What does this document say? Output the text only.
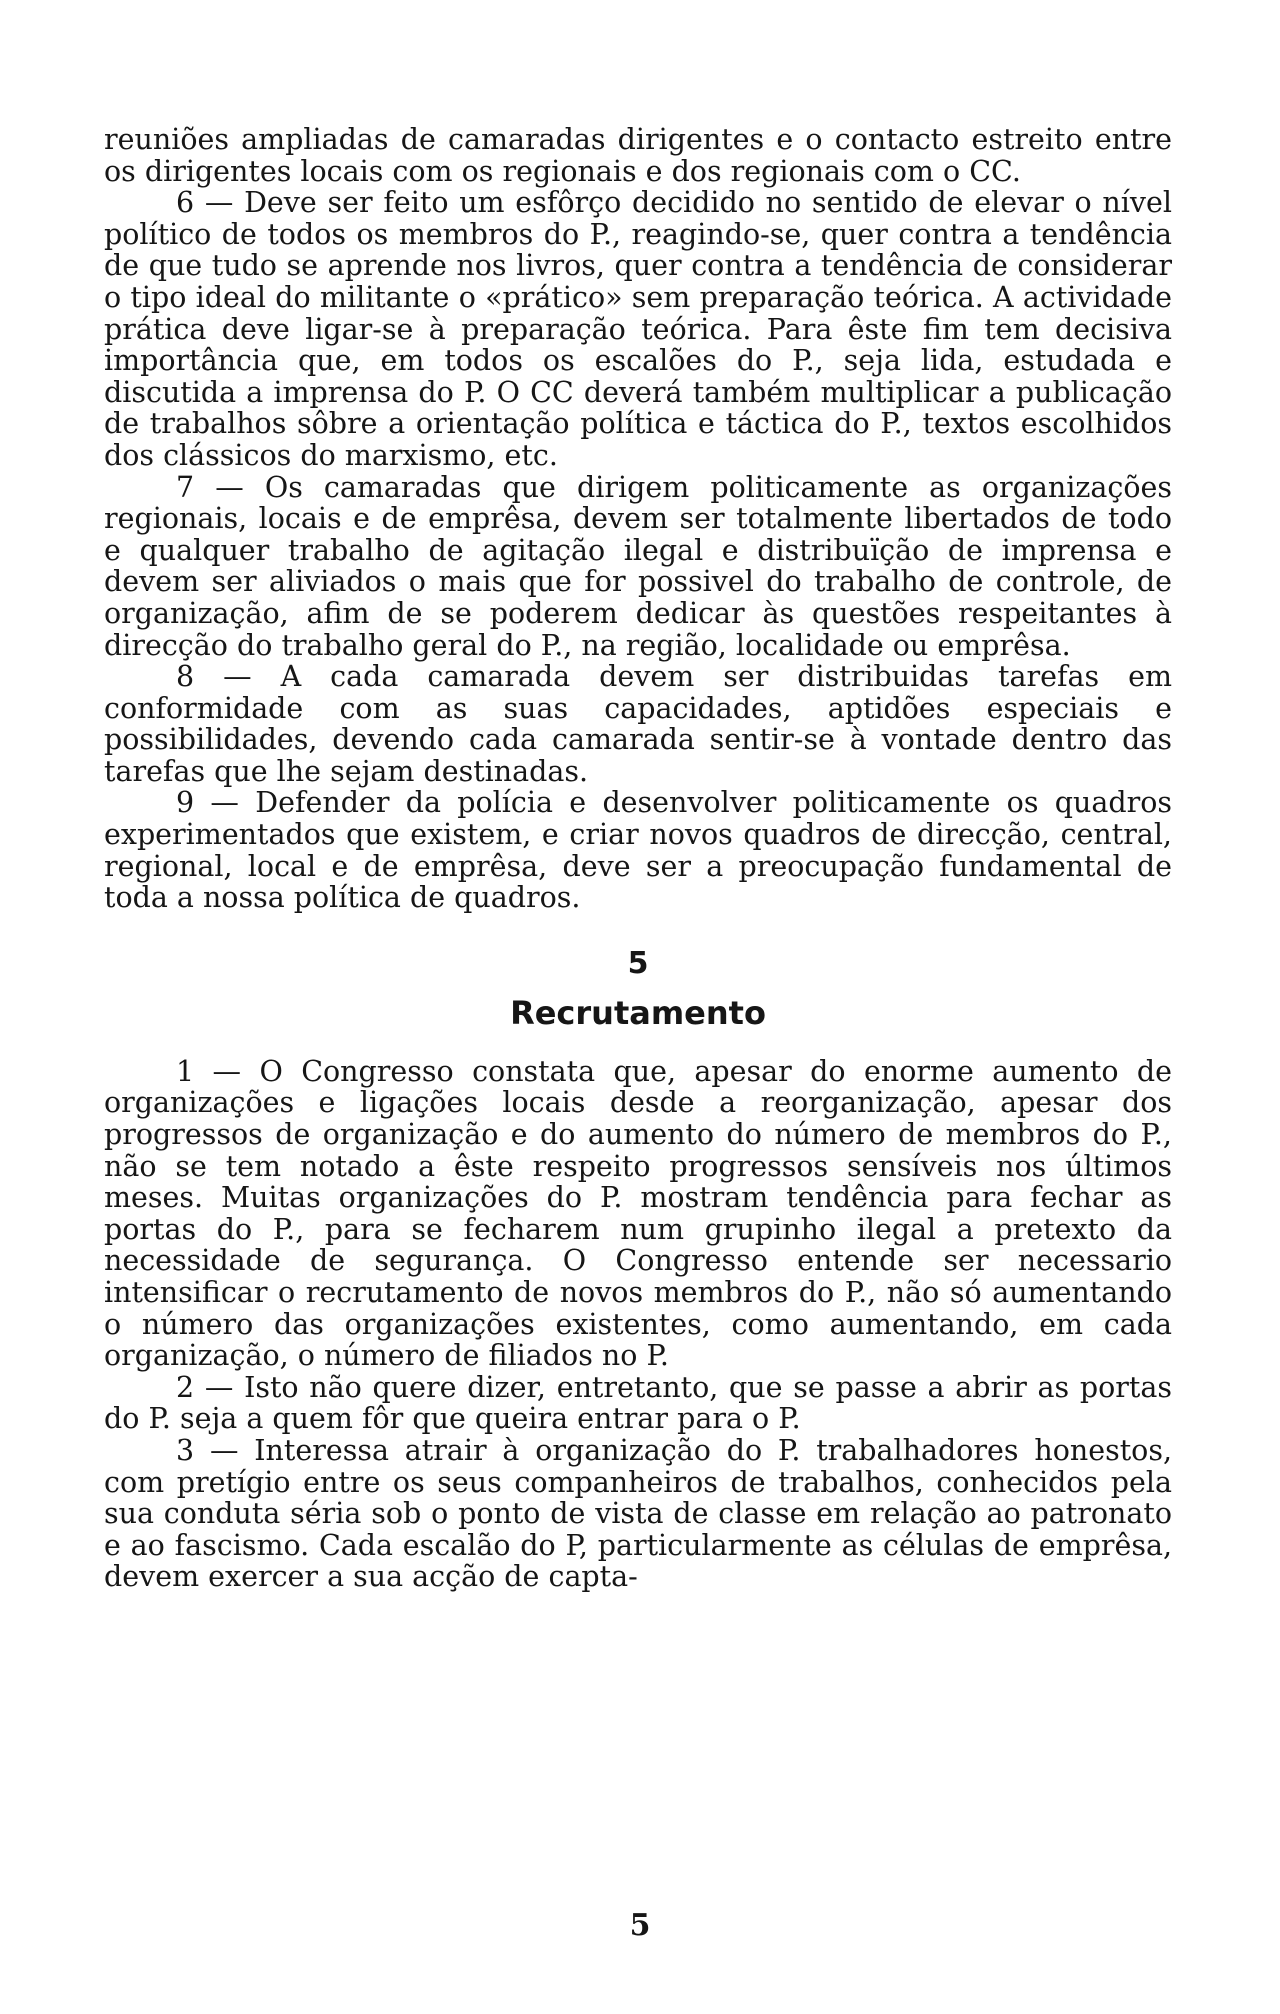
reuniões ampliadas de camaradas dirigentes e o contacto estreito entre os dirigentes locais com os regionais e dos regionais com o CC.

6 — Deve ser feito um esfôrço decidido no sentido de elevar o nível político de todos os membros do P., reagindo-se, quer contra a tendência de que tudo se aprende nos livros, quer contra a tendência de considerar o tipo ideal do militante o «prático» sem preparação teórica. A actividade prática deve ligar-se à preparação teórica. Para êste fim tem decisiva importância que, em todos os escalões do P., seja lida, estudada e discutida a imprensa do P. O CC deverá também multiplicar a publicação de trabalhos sôbre a orientação política e táctica do P., textos escolhidos dos clássicos do marxismo, etc.

7 — Os camaradas que dirigem politicamente as organizações regionais, locais e de emprêsa, devem ser totalmente libertados de todo e qualquer trabalho de agitação ilegal e distribuïção de imprensa e devem ser aliviados o mais que for possivel do trabalho de controle, de organização, afim de se poderem dedicar às questões respeitantes à direcção do trabalho geral do P., na região, localidade ou emprêsa.

8 — A cada camarada devem ser distribuidas tarefas em conformidade com as suas capacidades, aptidões especiais e possibilidades, devendo cada camarada sentir-se à vontade dentro das tarefas que lhe sejam destinadas.

9 — Defender da polícia e desenvolver politicamente os quadros experimentados que existem, e criar novos quadros de direcção, central, regional, local e de emprêsa, deve ser a preocupação fundamental de toda a nossa política de quadros.

5
Recrutamento

1 — O Congresso constata que, apesar do enorme aumento de organizações e ligações locais desde a reorganização, apesar dos progressos de organização e do aumento do número de membros do P., não se tem notado a êste respeito progressos sensíveis nos últimos meses. Muitas organizações do P. mostram tendência para fechar as portas do P., para se fecharem num grupinho ilegal a pretexto da necessidade de segurança. O Congresso entende ser necessario intensificar o recrutamento de novos membros do P., não só aumentando o número das organizações existentes, como aumentando, em cada organização, o número de filiados no P.

2 — Isto não quere dizer, entretanto, que se passe a abrir as portas do P. seja a quem fôr que queira entrar para o P.

3 — Interessa atrair à organização do P. trabalhadores honestos, com pretígio entre os seus companheiros de trabalhos, conhecidos pela sua conduta séria sob o ponto de vista de classe em relação ao patronato e ao fascismo. Cada escalão do P, particularmente as células de emprêsa, devem exercer a sua acção de capta-

5
